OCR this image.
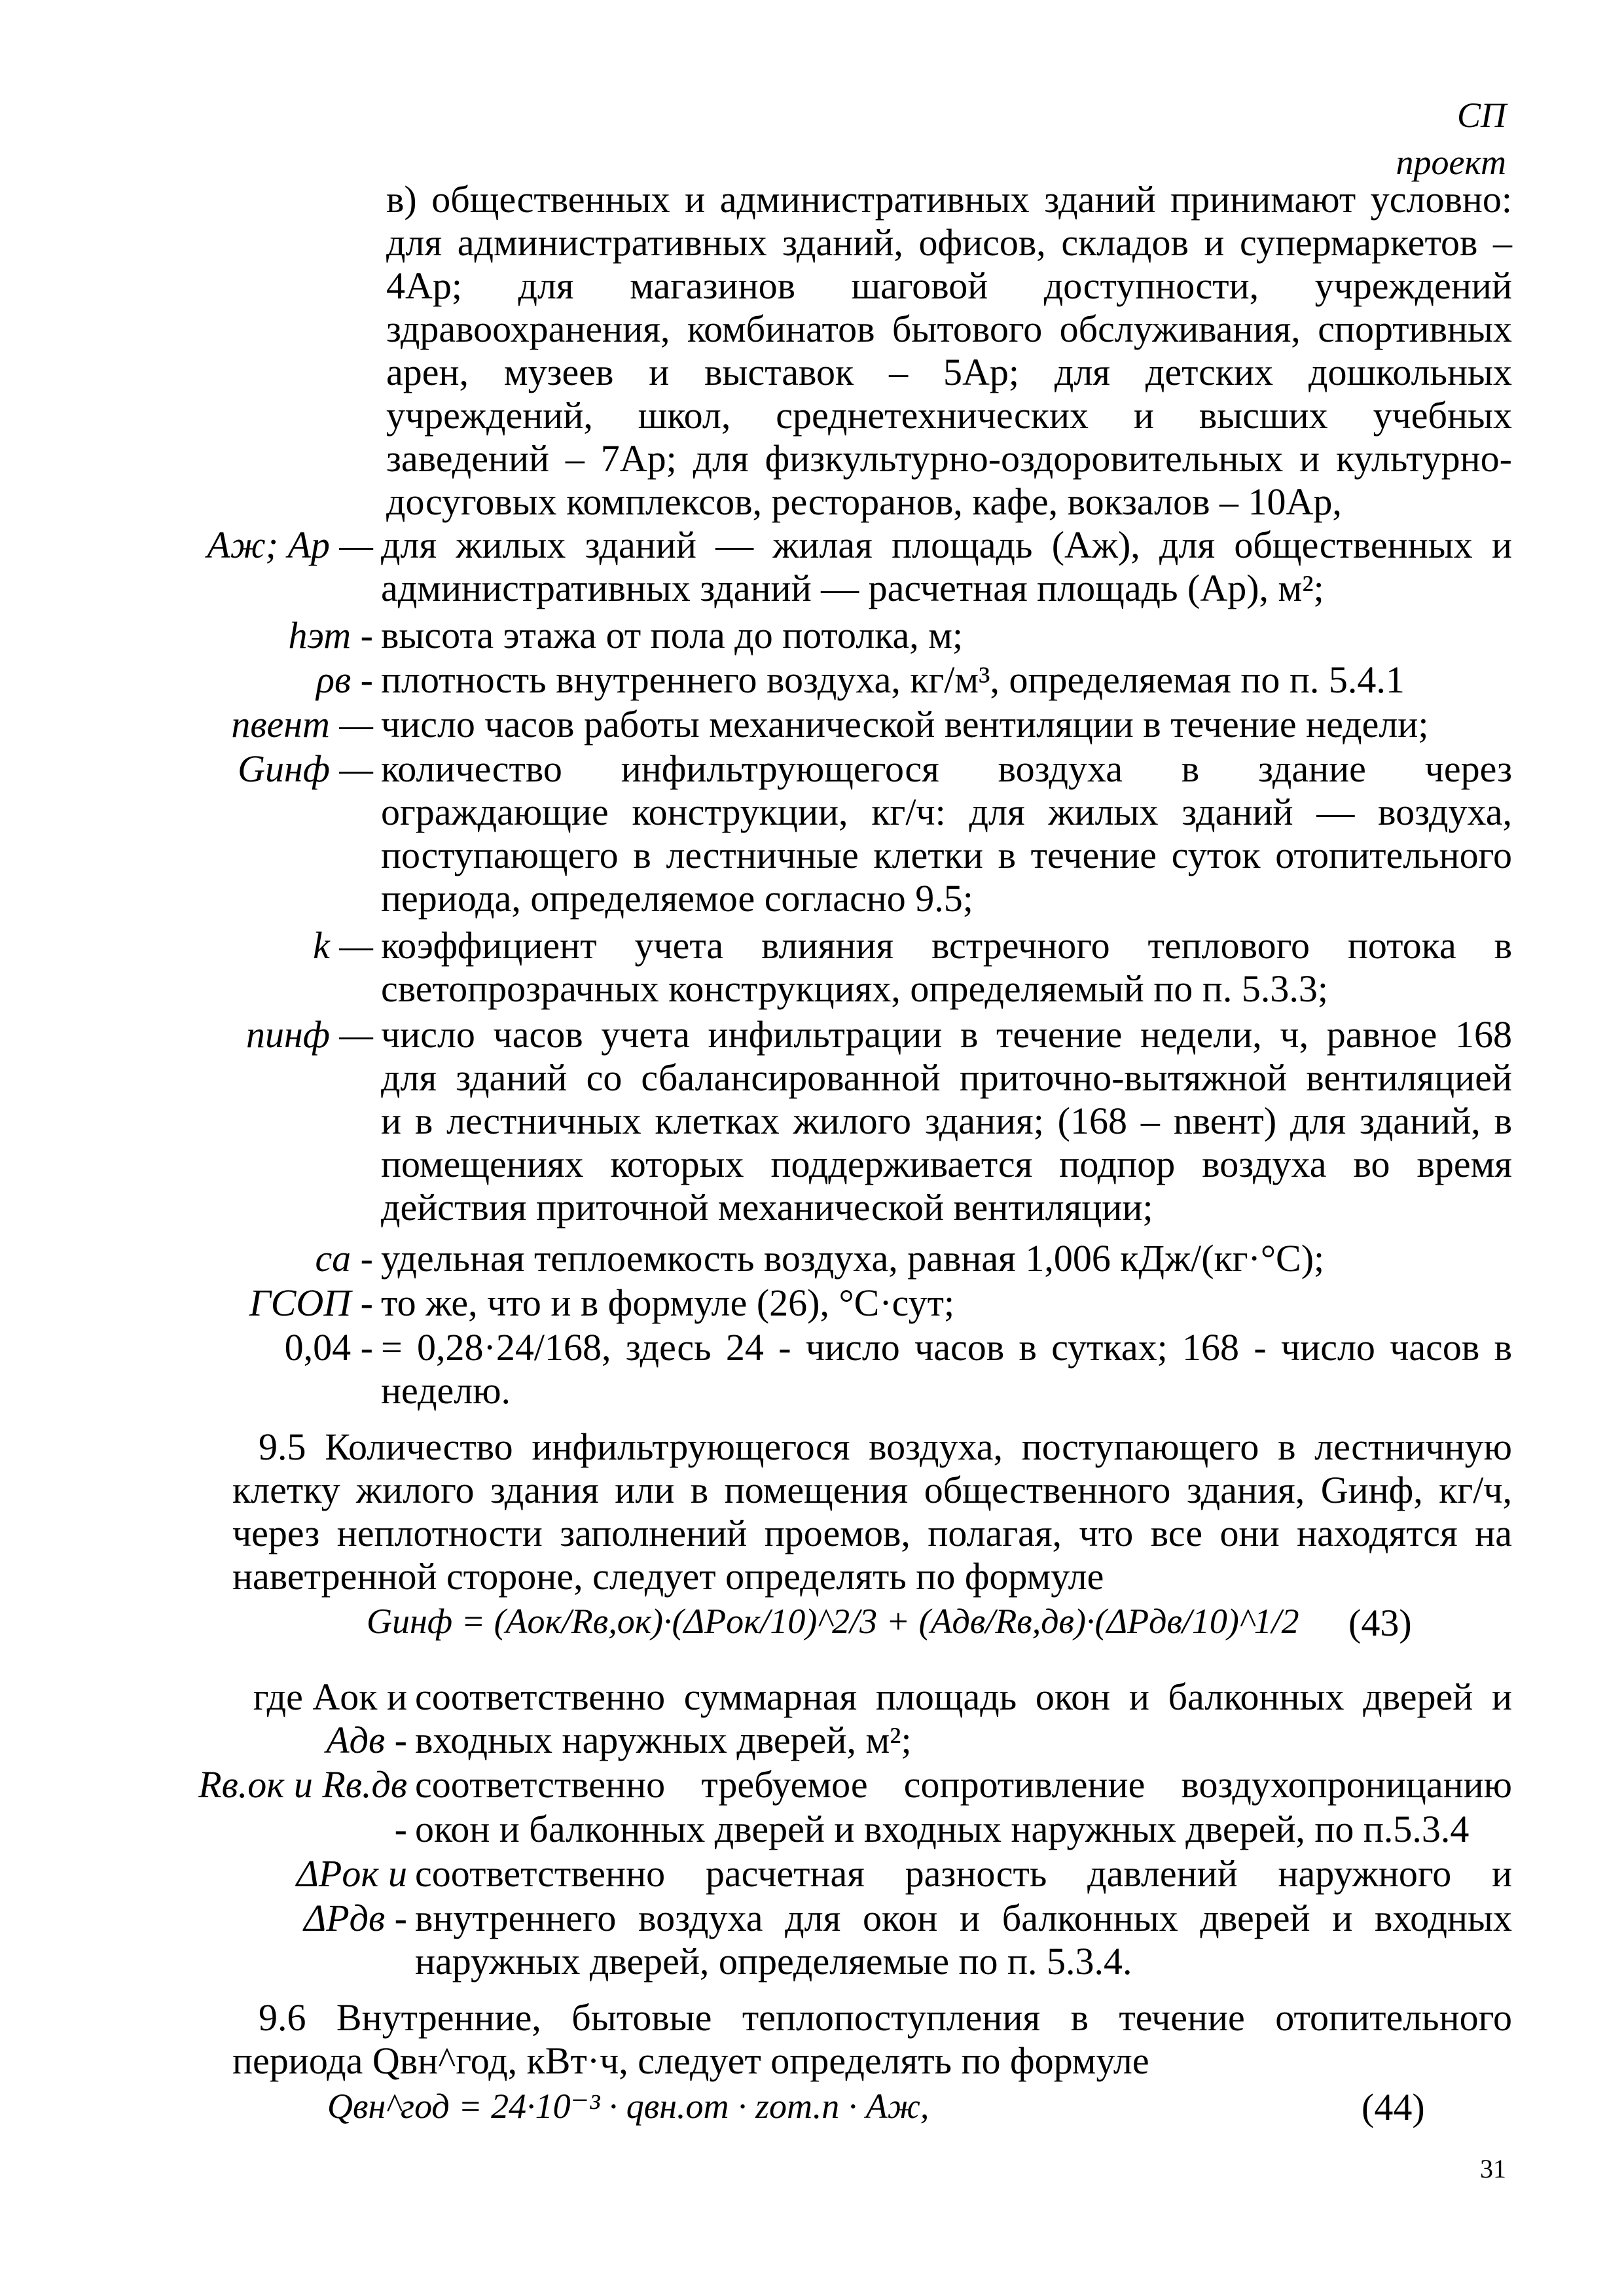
СП
проект
в) общественных и административных зданий принимают условно:
для административных зданий, офисов, складов и супермаркетов –
4Aр; для магазинов шаговой доступности, учреждений
здравоохранения, комбинатов бытового обслуживания, спортивных
арен, музеев и выставок – 5Aр; для детских дошкольных
учреждений, школ, среднетехнических и высших учебных
заведений – 7Aр; для физкультурно-оздоровительных и культурно-
досуговых комплексов, ресторанов, кафе, вокзалов – 10Aр,
Aж; Aр — для жилых зданий — жилая площадь (Aж), для общественных и
административных зданий — расчетная площадь (Aр), м²;
hэт - высота этажа от пола до потолка, м;
ρв - плотность внутреннего воздуха, кг/м³, определяемая по п. 5.4.1
nвент — число часов работы механической вентиляции в течение недели;
Gинф — количество инфильтрующегося воздуха в здание через
ограждающие конструкции, кг/ч: для жилых зданий — воздуха,
поступающего в лестничные клетки в течение суток отопительного
периода, определяемое согласно 9.5;
k — коэффициент учета влияния встречного теплового потока в
светопрозрачных конструкциях, определяемый по п. 5.3.3;
nинф — число часов учета инфильтрации в течение недели, ч, равное 168
для зданий со сбалансированной приточно-вытяжной вентиляцией
и в лестничных клетках жилого здания; (168 – nвент) для зданий, в
помещениях которых поддерживается подпор воздуха во время
действия приточной механической вентиляции;
cа - удельная теплоемкость воздуха, равная 1,006 кДж/(кг·°С);
ГСОП - то же, что и в формуле (26), °С·сут;
0,04 - = 0,28·24/168, здесь 24 - число часов в сутках; 168 - число часов в
неделю.
9.5 Количество инфильтрующегося воздуха, поступающего в лестничную
клетку жилого здания или в помещения общественного здания, Gинф, кг/ч,
через неплотности заполнений проемов, полагая, что все они находятся на
наветренной стороне, следует определять по формуле
Gинф = (Aок/Rв,ок)·(ΔPок/10)^2/3 + (Aдв/Rв,дв)·(ΔPдв/10)^1/2 (43)
где Aок и соответственно суммарная площадь окон и балконных дверей и
Aдв - входных наружных дверей, м²;
Rв.ок и Rв.дв соответственно требуемое сопротивление воздухопроницанию
- окон и балконных дверей и входных наружных дверей, по п.5.3.4
ΔPок и соответственно расчетная разность давлений наружного и
ΔPдв - внутреннего воздуха для окон и балконных дверей и входных
наружных дверей, определяемые по п. 5.3.4.
9.6 Внутренние, бытовые теплопоступления в течение отопительного
периода Qвн^год, кВт·ч, следует определять по формуле
Qвн^год = 24·10⁻³ · qвн.от · zот.п · Aж,	(44)
31
